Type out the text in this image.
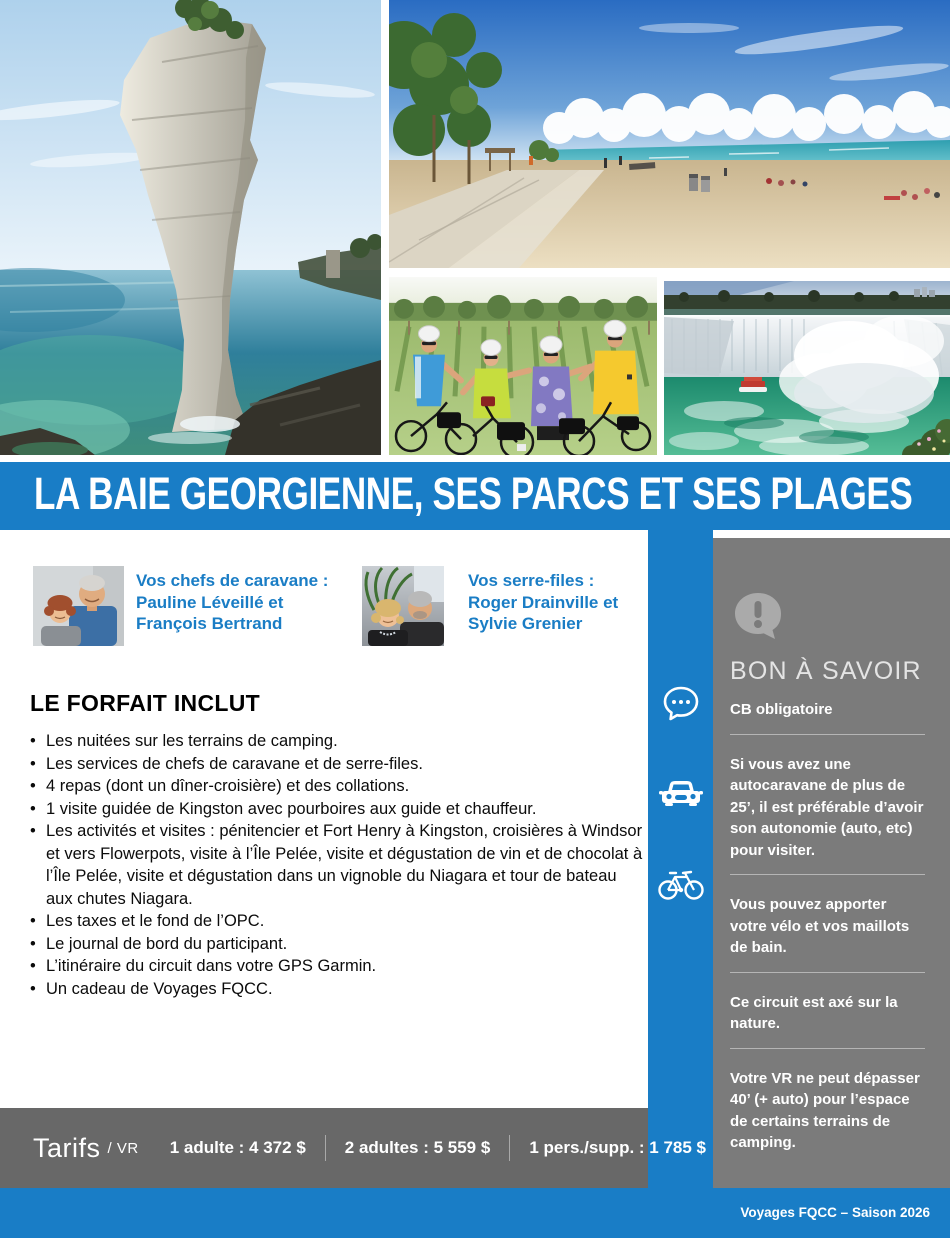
LA BAIE GEORGIENNE, SES PARCS ET SES PLAGES
BON À SAVOIR
CB obligatoire
Si vous avez une autocaravane de plus de 25’, il est préférable d’avoir son autonomie (auto, etc) pour visiter.
Vous pouvez apporter votre vélo et vos maillots de bain.
Ce circuit est axé sur la nature.
Votre VR ne peut dépasser 40’ (+ auto) pour l’espace de certains terrains de camping.

Vos chefs de caravane :

Pauline Léveillé et

François Bertrand

Vos serre-files :

Roger Drainville et

Sylvie Grenier

LE FORFAIT INCLUT
• Les nuitées sur les terrains de camping.
• Les services de chefs de caravane et de serre-files.
• 4 repas (dont un dîner-croisière) et des collations.
• 1 visite guidée de Kingston avec pourboires aux guide et chauffeur.
• Les activités et visites : pénitencier et Fort Henry à Kingston, croisières à Windsor et vers Flowerpots, visite à l’Île Pelée, visite et dégustation de vin et de chocolat à l’Île Pelée, visite et dégustation dans un vignoble du Niagara et tour de bateau aux chutes Niagara.
• Les taxes et le fond de l’OPC.
• Le journal de bord du participant.
• L’itinéraire du circuit dans votre GPS Garmin.
• Un cadeau de Voyages FQCC.
Tarifs / VR	1 adulte : 4 372 $	2 adultes : 5 559 $	1 pers./supp. : 1 785 $
Voyages FQCC – Saison 2026
